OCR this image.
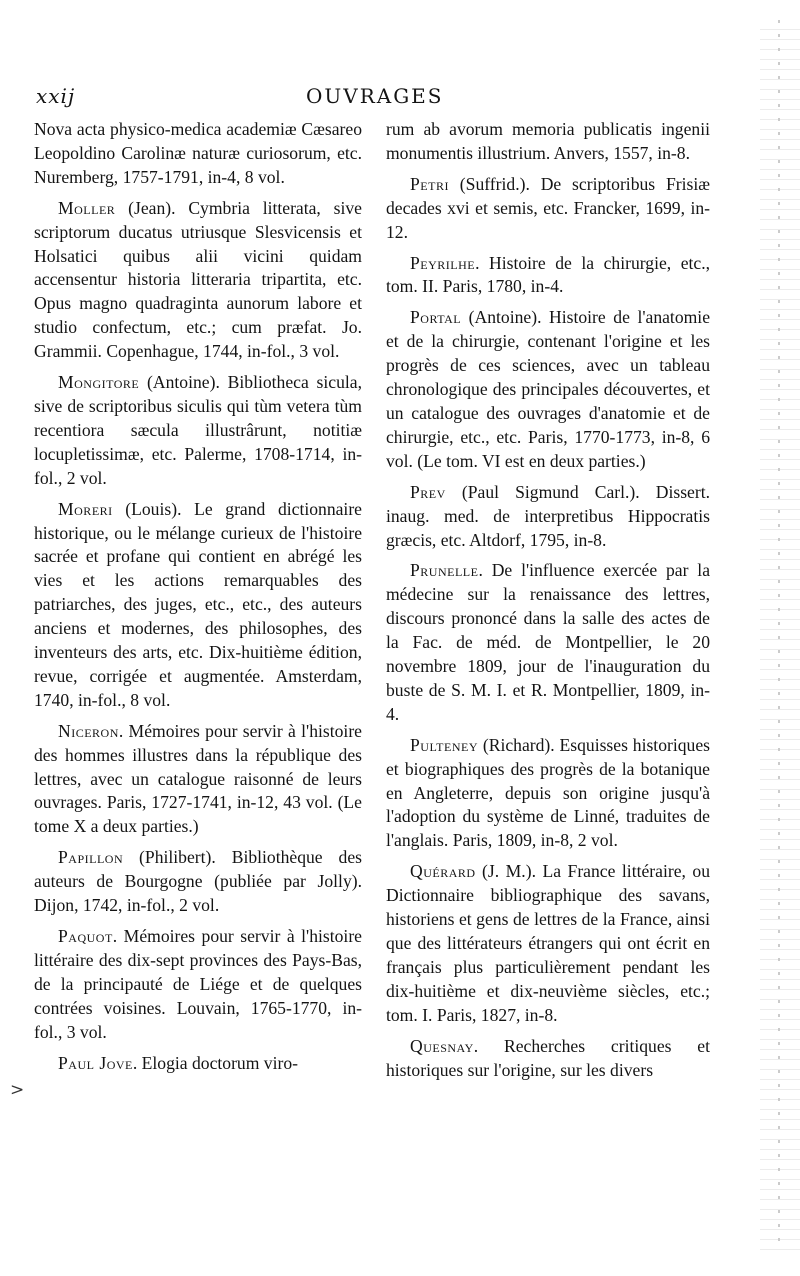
xxij	OUVRAGES
>

Nova acta physico-medica academiæ Cæsareo Leopoldino Carolinæ naturæ curiosorum, etc. Nuremberg, 1757-1791, in-4, 8 vol.

Moller (Jean). Cymbria litterata, sive scriptorum ducatus utriusque Slesvicensis et Holsatici quibus alii vicini quidam accensentur historia litteraria tripartita, etc. Opus magno quadraginta aunorum labore et studio confectum, etc.; cum præfat. Jo. Grammii. Copenhague, 1744, in-fol., 3 vol.

Mongitore (Antoine). Bibliotheca sicula, sive de scriptoribus siculis qui tùm vetera tùm recentiora sæcula illustrârunt, notitiæ locupletissimæ, etc. Palerme, 1708-1714, in-fol., 2 vol.

Moreri (Louis). Le grand dictionnaire historique, ou le mélange curieux de l'histoire sacrée et profane qui contient en abrégé les vies et les actions remarquables des patriarches, des juges, etc., etc., des auteurs anciens et modernes, des philosophes, des inventeurs des arts, etc. Dix-huitième édition, revue, corrigée et augmentée. Amsterdam, 1740, in-fol., 8 vol.

Niceron. Mémoires pour servir à l'histoire des hommes illustres dans la république des lettres, avec un catalogue raisonné de leurs ouvrages. Paris, 1727-1741, in-12, 43 vol. (Le tome X a deux parties.)

Papillon (Philibert). Bibliothèque des auteurs de Bourgogne (publiée par Jolly). Dijon, 1742, in-fol., 2 vol.

Paquot. Mémoires pour servir à l'histoire littéraire des dix-sept provinces des Pays-Bas, de la principauté de Liége et de quelques contrées voisines. Louvain, 1765-1770, in-fol., 3 vol.

Paul Jove. Elogia doctorum viro-

rum ab avorum memoria publicatis ingenii monumentis illustrium. Anvers, 1557, in-8.

Petri (Suffrid.). De scriptoribus Frisiæ decades xvi et semis, etc. Francker, 1699, in-12.

Peyrilhe. Histoire de la chirurgie, etc., tom. II. Paris, 1780, in-4.

Portal (Antoine). Histoire de l'anatomie et de la chirurgie, contenant l'origine et les progrès de ces sciences, avec un tableau chronologique des principales découvertes, et un catalogue des ouvrages d'anatomie et de chirurgie, etc., etc. Paris, 1770-1773, in-8, 6 vol. (Le tom. VI est en deux parties.)

Prev (Paul Sigmund Carl.). Dissert. inaug. med. de interpretibus Hippocratis græcis, etc. Altdorf, 1795, in-8.

Prunelle. De l'influence exercée par la médecine sur la renaissance des lettres, discours prononcé dans la salle des actes de la Fac. de méd. de Montpellier, le 20 novembre 1809, jour de l'inauguration du buste de S. M. I. et R. Montpellier, 1809, in-4.

Pulteney (Richard). Esquisses historiques et biographiques des progrès de la botanique en Angleterre, depuis son origine jusqu'à l'adoption du système de Linné, traduites de l'anglais. Paris, 1809, in-8, 2 vol.

Quérard (J. M.). La France littéraire, ou Dictionnaire bibliographique des savans, historiens et gens de lettres de la France, ainsi que des littérateurs étrangers qui ont écrit en français plus particulièrement pendant les dix-huitième et dix-neuvième siècles, etc.; tom. I. Paris, 1827, in-8.

Quesnay. Recherches critiques et historiques sur l'origine, sur les divers
